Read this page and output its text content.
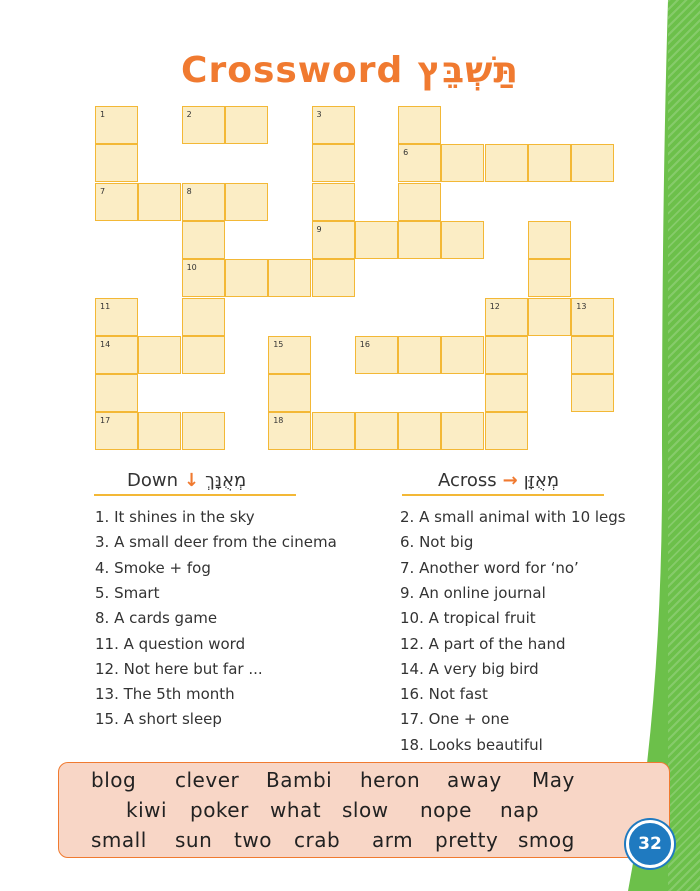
Crossword תַּשְׁבֵּץ
1	2	3
6
7	8
9
10
11	12	13
14	15	16
17	18
Down ↓ מְאֻנָּךְ	Across → מְאֻזָּן
1. It shines in the sky
3. A small deer from the cinema
4. Smoke + fog
5. Smart
8. A cards game
11. A question word
12. Not here but far ...
13. The 5th month
15. A short sleep
2. A small animal with 10 legs
6. Not big
7. Another word for ‘no’
9. An online journal
10. A tropical fruit
12. A part of the hand
14. A very big bird
16. Not fast
17. One + one
18. Looks beautiful
blog clever Bambi heron away May
kiwi poker what slow nope nap
small sun two crab arm pretty smog	32
